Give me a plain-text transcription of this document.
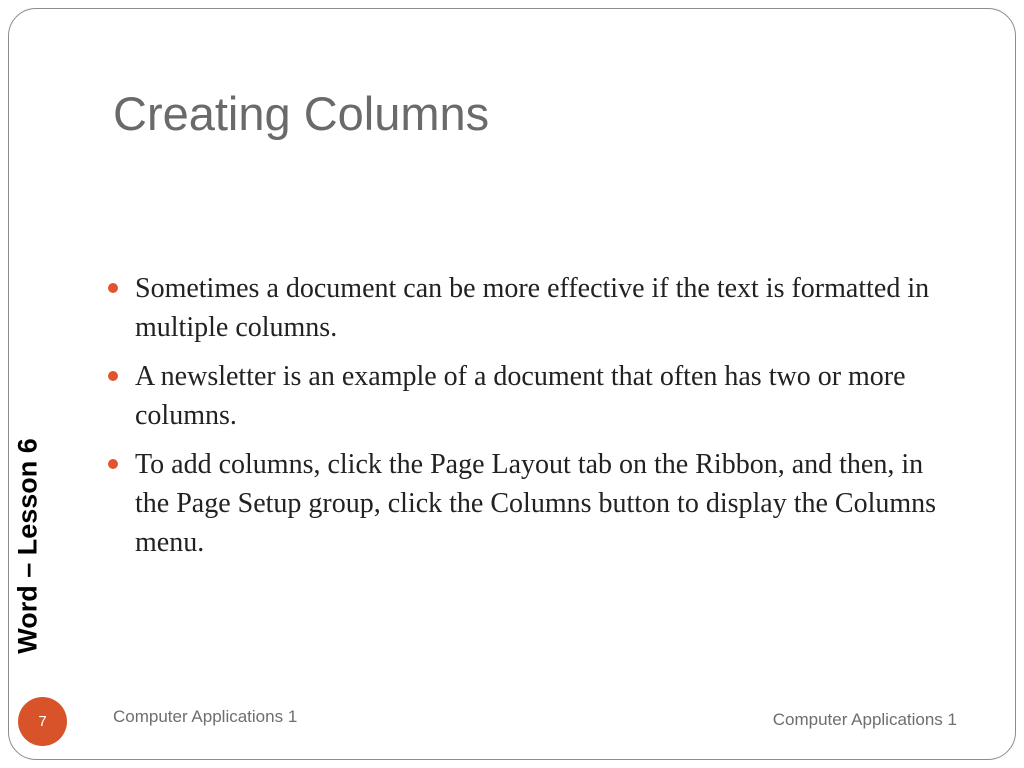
Creating Columns
Sometimes a document can be more effective if the text is formatted in multiple columns.
A newsletter is an example of a document that often has two or more columns.
To add columns, click the Page Layout tab on the Ribbon, and then, in the Page Setup group, click the Columns button to display the Columns menu.
Word – Lesson 6
7	Computer Applications 1	Computer Applications 1
